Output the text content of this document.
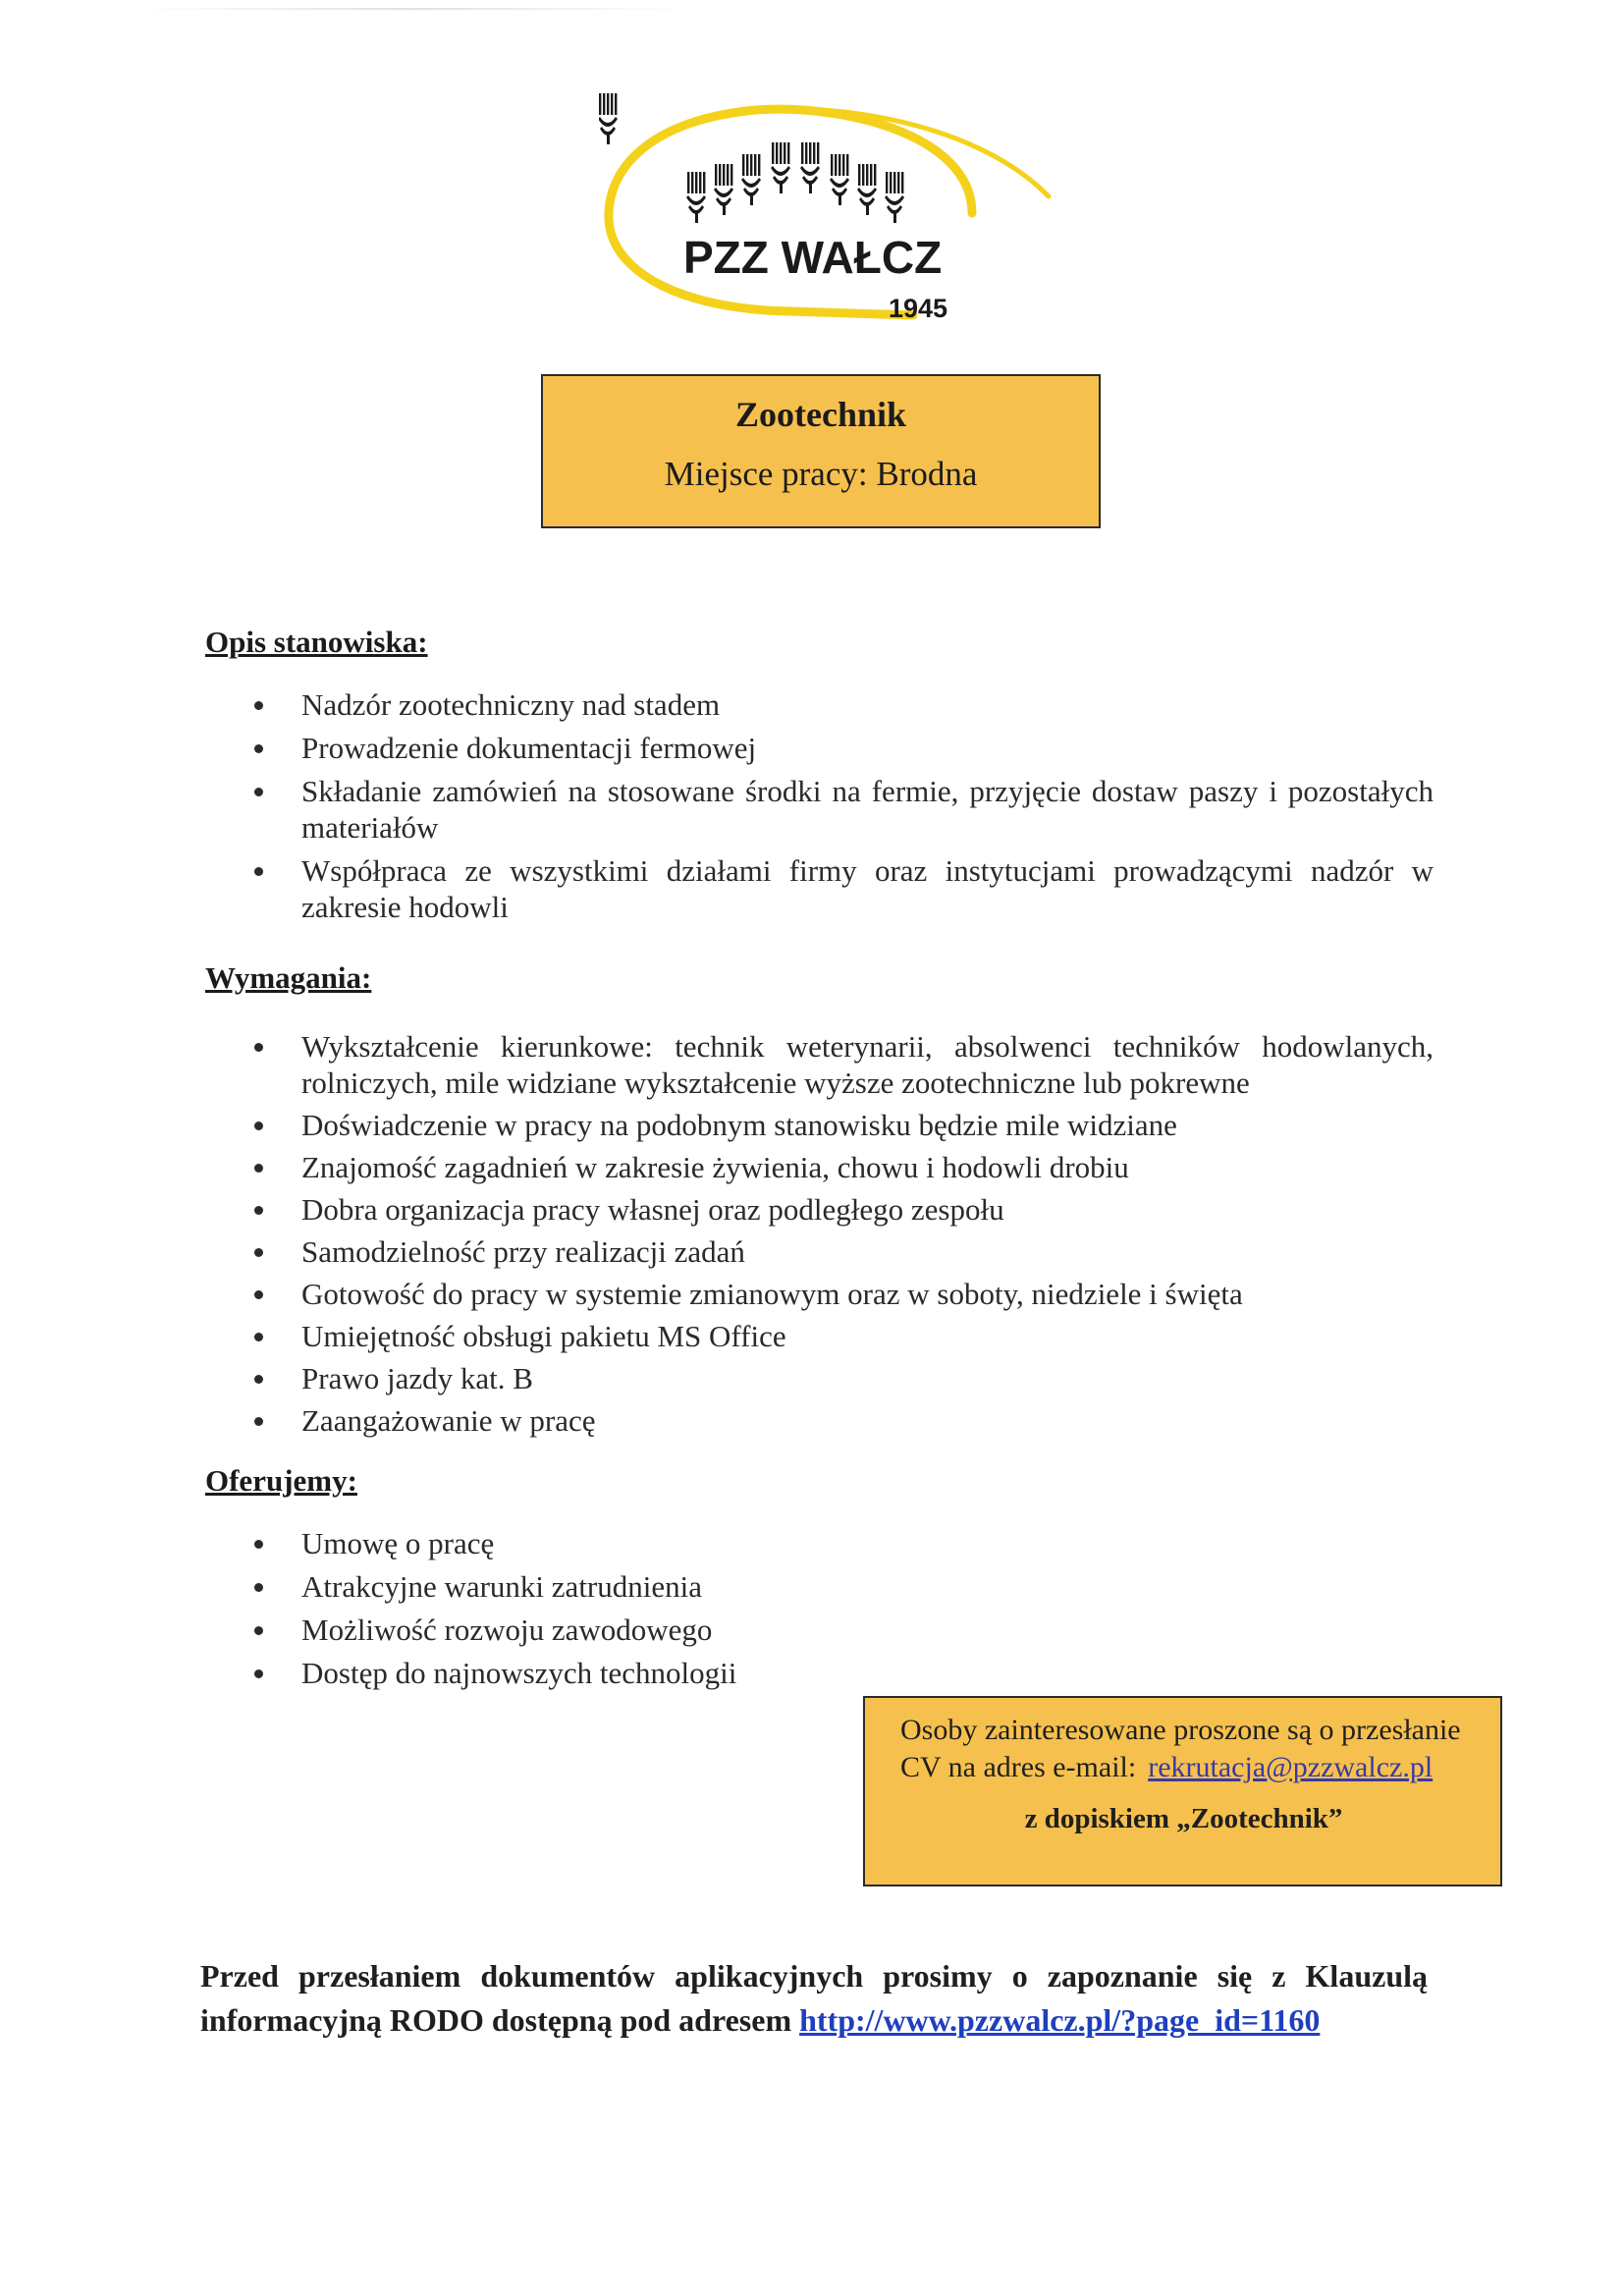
PZZ WAŁCZ
1945
Zootechnik
Miejsce pracy: Brodna
Opis stanowiska:
Nadzór zootechniczny nad stadem
Prowadzenie dokumentacji fermowej
Składanie zamówień na stosowane środki na fermie, przyjęcie dostaw paszy i pozostałych materiałów
Współpraca ze wszystkimi działami firmy oraz instytucjami prowadzącymi nadzór w zakresie hodowli
Wymagania:
Wykształcenie kierunkowe: technik weterynarii, absolwenci techników hodowlanych, rolniczych, mile widziane wykształcenie wyższe zootechniczne lub pokrewne
Doświadczenie w pracy na podobnym stanowisku będzie mile widziane
Znajomość zagadnień w zakresie żywienia, chowu i hodowli drobiu
Dobra organizacja pracy własnej oraz podległego zespołu
Samodzielność przy realizacji zadań
Gotowość do pracy w systemie zmianowym oraz w soboty, niedziele i święta
Umiejętność obsługi pakietu MS Office
Prawo jazdy kat. B
Zaangażowanie w pracę
Oferujemy:
Umowę o pracę
Atrakcyjne warunki zatrudnienia
Możliwość rozwoju zawodowego
Dostęp do najnowszych technologii
Osoby zainteresowane proszone są o przesłanie
CV na adres e-mail: rekrutacja@pzzwalcz.pl
z dopiskiem „Zootechnik”
Przed przesłaniem dokumentów aplikacyjnych prosimy o zapoznanie się z Klauzulą informacyjną RODO dostępną pod adresem http://www.pzzwalcz.pl/?page_id=1160
